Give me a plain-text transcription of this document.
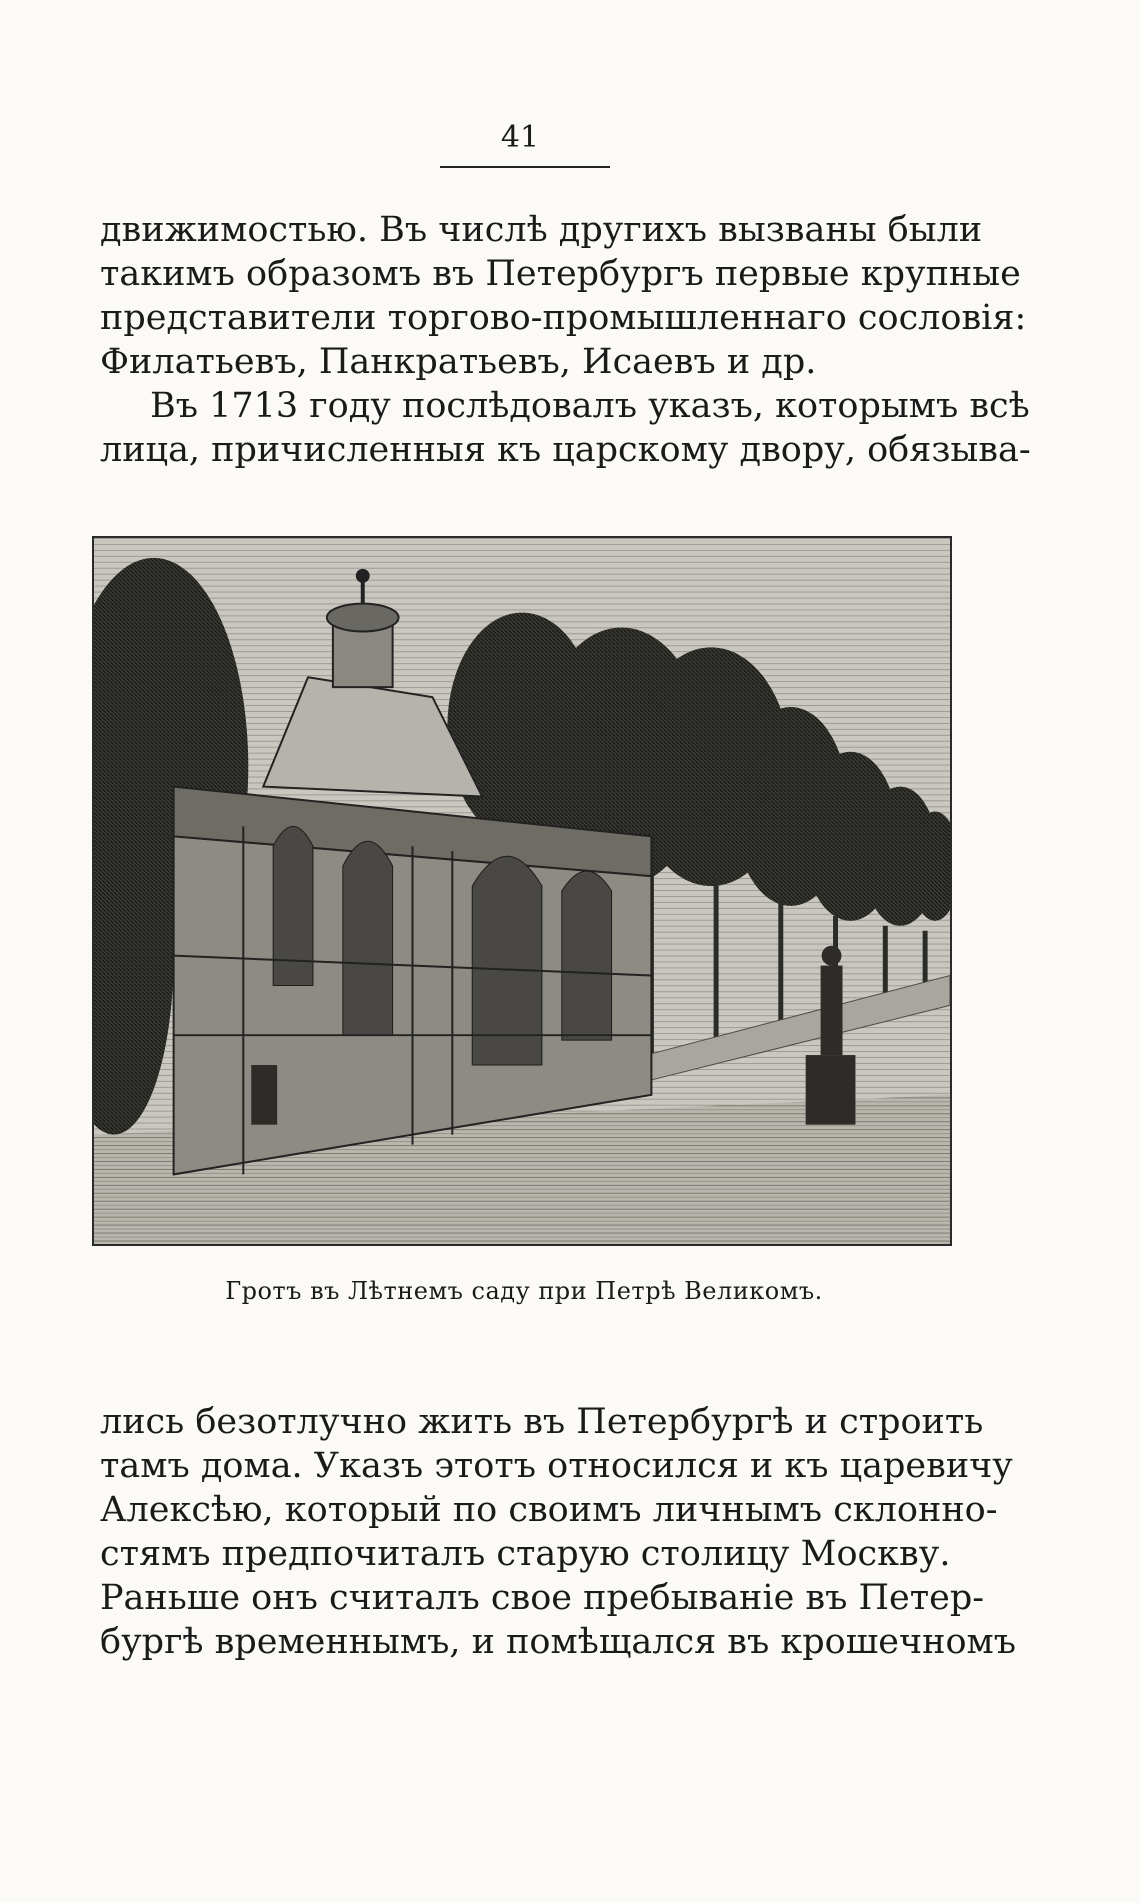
41
движимостью. Въ числѣ другихъ вызваны были
такимъ образомъ въ Петербургъ первые крупные
представители торгово-промышленнаго сословія:
Филатьевъ, Панкратьевъ, Исаевъ и др.
Въ 1713 году послѣдовалъ указъ, которымъ всѣ
лица, причисленныя къ царскому двору, обязыва-
Гротъ въ Лѣтнемъ саду при Петрѣ Великомъ.
лись безотлучно жить въ Петербургѣ и строить
тамъ дома. Указъ этотъ относился и къ царевичу
Алексѣю, который по своимъ личнымъ склонно-
стямъ предпочиталъ старую столицу Москву.
Раньше онъ считалъ свое пребываніе въ Петер-
бургѣ временнымъ, и помѣщался въ крошечномъ
